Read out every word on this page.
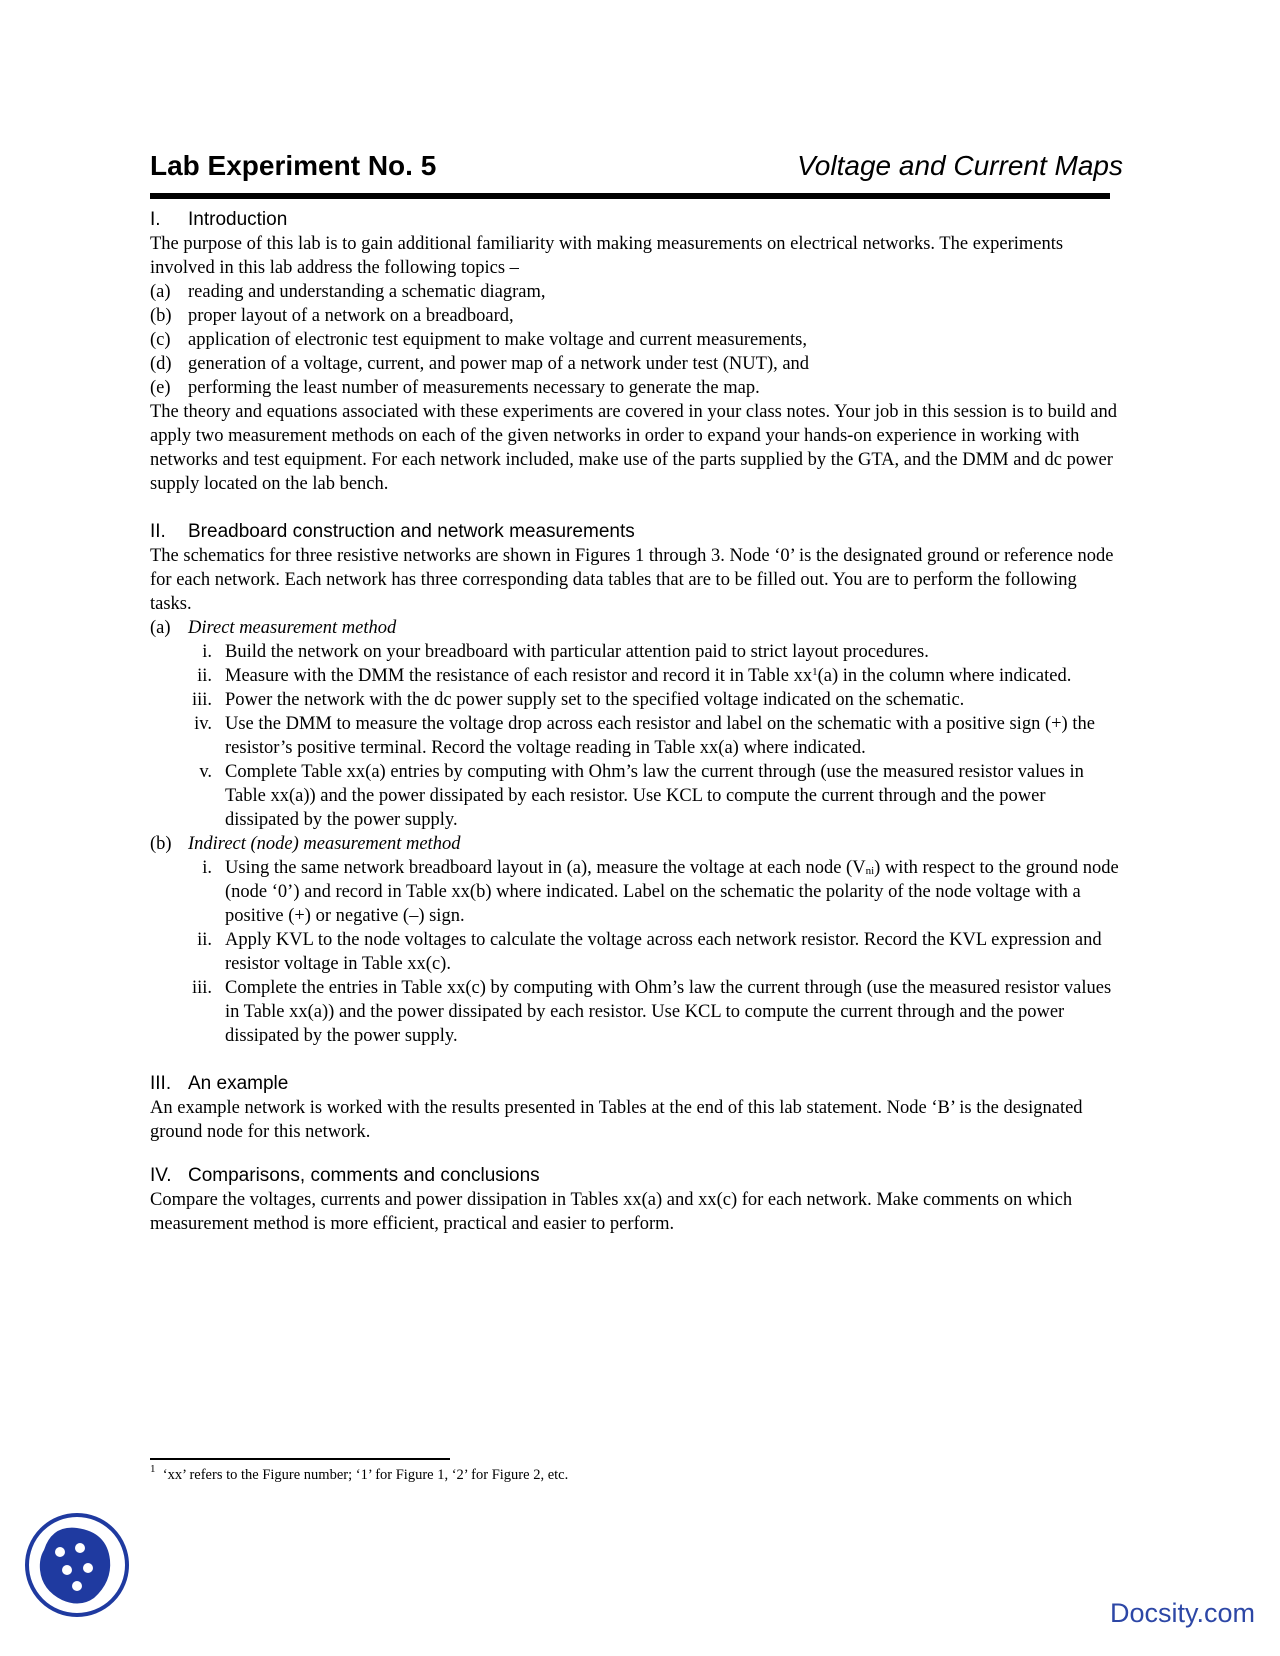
Lab Experiment No. 5	Voltage and Current Maps
I. Introduction

The purpose of this lab is to gain additional familiarity with making measurements on electrical networks. The experiments involved in this lab address the following topics –

(a) reading and understanding a schematic diagram,
(b) proper layout of a network on a breadboard,
(c) application of electronic test equipment to make voltage and current measurements,
(d) generation of a voltage, current, and power map of a network under test (NUT), and
(e) performing the least number of measurements necessary to generate the map.

The theory and equations associated with these experiments are covered in your class notes. Your job in this session is to build and apply two measurement methods on each of the given networks in order to expand your hands-on experience in working with networks and test equipment. For each network included, make use of the parts supplied by the GTA, and the DMM and dc power supply located on the lab bench.

II. Breadboard construction and network measurements

The schematics for three resistive networks are shown in Figures 1 through 3. Node ‘0’ is the designated ground or reference node for each network. Each network has three corresponding data tables that are to be filled out. You are to perform the following tasks.

(a) Direct measurement method
i. Build the network on your breadboard with particular attention paid to strict layout procedures.
ii. Measure with the DMM the resistance of each resistor and record it in Table $xx^1(a)$ in the column where indicated.
iii. Power the network with the dc power supply set to the specified voltage indicated on the schematic.
iv. Use the DMM to measure the voltage drop across each resistor and label on the schematic with a positive sign (+) the resistor’s positive terminal. Record the voltage reading in Table xx(a) where indicated.
v. Complete Table xx(a) entries by computing with Ohm’s law the current through (use the measured resistor values in Table xx(a)) and the power dissipated by each resistor. Use KCL to compute the current through and the power dissipated by the power supply.
(b) Indirect (node) measurement method
i. Using the same network breadboard layout in (a), measure the voltage at each node $(V_{ni})$ with respect to the ground node (node ‘0’) and record in Table xx(b) where indicated. Label on the schematic the polarity of the node voltage with a positive (+) or negative (–) sign.
ii. Apply KVL to the node voltages to calculate the voltage across each network resistor. Record the KVL expression and resistor voltage in Table xx(c).
iii. Complete the entries in Table xx(c) by computing with Ohm’s law the current through (use the measured resistor values in Table xx(a)) and the power dissipated by each resistor. Use KCL to compute the current through and the power dissipated by the power supply.
III. An example

An example network is worked with the results presented in Tables at the end of this lab statement. Node ‘B’ is the designated ground node for this network.

IV. Comparisons, comments and conclusions

Compare the voltages, currents and power dissipation in Tables xx(a) and xx(c) for each network. Make comments on which measurement method is more efficient, practical and easier to perform.

$^1$ ‘xx’ refers to the Figure number; ‘1’ for Figure 1, ‘2’ for Figure 2, etc.
Docsity.com
